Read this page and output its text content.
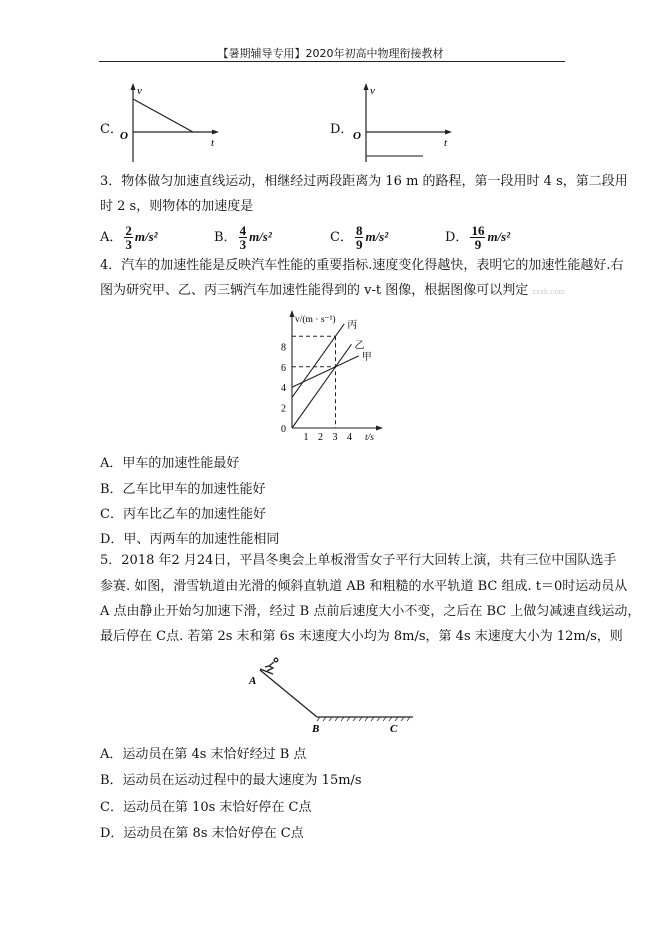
【暑期辅导专用】2020年初高中物理衔接教材
C．
v
O
t
D．
v
O
t
3．物体做匀加速直线运动，相继经过两段距离为 16 m 的路程，第一段用时 4 s，第二段用
时 2 s，则物体的加速度是
A． $\frac{2}{3} m/s^2$	B． $\frac{4}{3} m/s^2$	C． $\frac{8}{9} m/s^2$	D． $\frac{16}{9} m/s^2$
4．汽车的加速性能是反映汽车性能的重要指标.速度变化得越快，表明它的加速性能越好.右
图为研究甲、乙、丙三辆汽车加速性能得到的 v-t 图像，根据图像可以判定 zxxk.com
v/(m · s⁻¹)
t/s
0
2
4
6
8
1 2 3 4
甲
乙
丙
A．甲车的加速性能最好
B．乙车比甲车的加速性能好
C．丙车比乙车的加速性能好
D．甲、丙两车的加速性能相同
5．2018 年2 月24日，平昌冬奥会上单板滑雪女子平行大回转上演，共有三位中国队选手
参赛. 如图，滑雪轨道由光滑的倾斜直轨道 AB 和粗糙的水平轨道 BC 组成. t＝0时运动员从
A 点由静止开始匀加速下滑，经过 B 点前后速度大小不变，之后在 BC 上做匀减速直线运动，
最后停在 C点. 若第 2s 末和第 6s 末速度大小均为 8m/s，第 4s 末速度大小为 12m/s，则
A
B	C
A．运动员在第 4s 末恰好经过 B 点
B．运动员在运动过程中的最大速度为 15m/s
C．运动员在第 10s 末恰好停在 C点
D．运动员在第 8s 末恰好停在 C点
